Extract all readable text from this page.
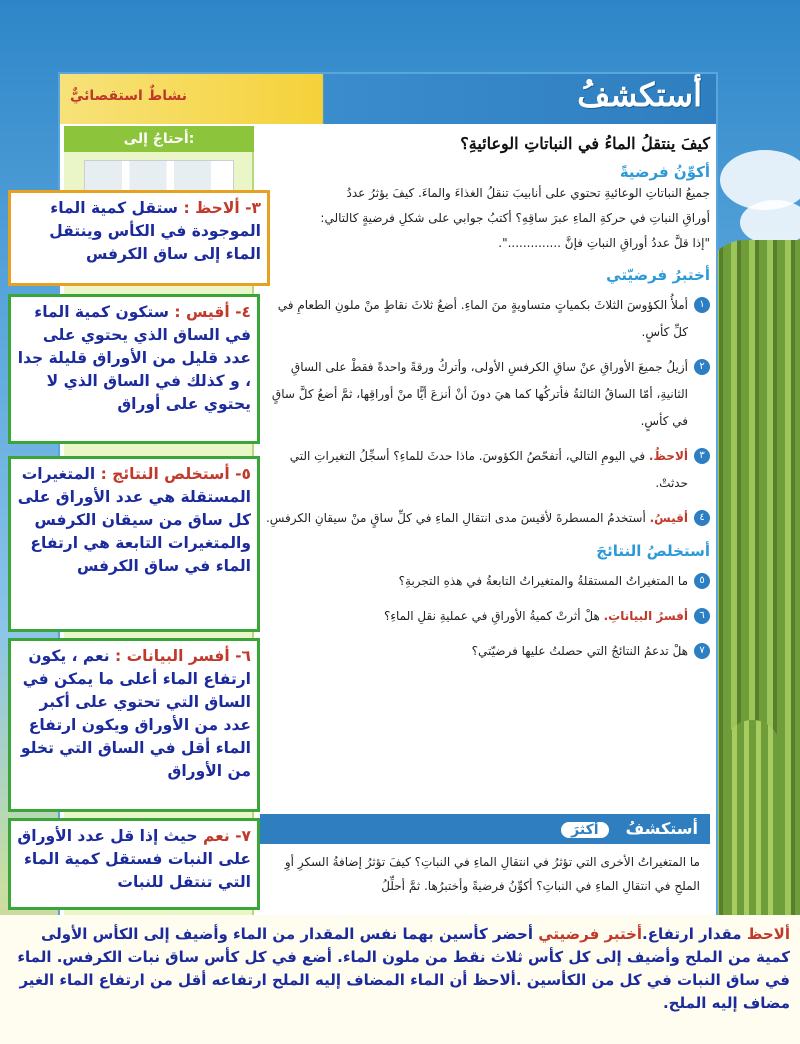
أستكشفُ
نشاطٌ استقصائيٌّ
أحتاجُ إلى:	كيفَ ينتقلُ الماءُ في النباتاتِ الوعائيةِ؟
أكوِّنُ فرضيةً
جميعُ النباتاتِ الوعائيةِ تحتوي على أنابيبَ تنقلُ الغذاءَ والماءَ. كيفَ يؤثرُ عددُ
أوراقِ النباتِ في حركةِ الماءِ عبرَ ساقِهِ؟ أكتبُ جوابي على شكلِ فرضيةٍ كالتالي:
"إذا قلَّ عددُ أوراقِ النباتِ فإنَّ ..............".
أختبرُ فرضيّتي
١
أملأُ الكؤوسَ الثلاثَ بكمياتٍ متساويةٍ منَ الماءِ. أضعُ ثلاثَ نقاطٍ منْ ملونِ الطعامِ في كلِّ كأسٍ.
٢
أزيلُ جميعَ الأوراقِ عنْ ساقِ الكرفسِ الأولى، وأتركُ ورقةً واحدةً فقطْ على الساقِ الثانيةِ، أمّا الساقُ الثالثةُ فأتركُها كما هيَ دونَ أنْ أنزعَ أيًّا منْ أوراقِها، ثمَّ أضعُ كلَّ ساقٍ في كأسٍ.
٣
ألاحظُ. في اليومِ التالي، أتفحّصُ الكؤوسَ. ماذا حدثَ للماءِ؟ أسجِّلُ التغيراتِ التي حدثتْ.
٤
أقيسُ. أستخدمُ المسطرةَ لأقيسَ مدى انتقالِ الماءِ في كلِّ ساقٍ منْ سيقانِ الكرفسِ.
أستخلصُ النتائجَ
٥
ما المتغيراتُ المستقلةُ والمتغيراتُ التابعةُ في هذهِ التجربةِ؟
٦
أفسرُ البياناتِ. هلْ أثرتْ كميةُ الأوراقِ في عمليةِ نقلِ الماءِ؟
٧
هلْ تدعمُ النتائجُ التي حصلتُ عليها فرضيّتي؟
أستكشفُ أكثرَ
ما المتغيراتُ الأخرى التي تؤثرُ في انتقالِ الماءِ في النباتِ؟ كيفَ تؤثرُ إضافةُ السكرِ أوِ الملحِ في انتقالِ الماءِ في النباتِ؟ أكوِّنُ فرضيةً وأختبرُها. ثمَّ أحلِّلُ
٣- ألاحظ : ستقل كمية الماء الموجودة في الكأس وينتقل الماء إلى ساق الكرفس
٤- أقيس : ستكون كمية الماء في الساق الذي يحتوي على عدد قليل من الأوراق قليلة جدا ، و كذلك في الساق الذي لا يحتوي على أوراق
٥- أستخلص النتائج : المتغيرات المستقلة هي عدد الأوراق على كل ساق من سيقان الكرفس والمتغيرات التابعة هي ارتفاع الماء في ساق الكرفس
٦- أفسر البيانات : نعم ، يكون ارتفاع الماء أعلى ما يمكن في الساق التي تحتوي على أكبر عدد من الأوراق ويكون ارتفاع الماء أقل في الساق التي تخلو من الأوراق
٧- نعم حيث إذا قل عدد الأوراق على النبات فستقل كمية الماء التي تنتقل للنبات
ألاحظ مقدار ارتفاع.أختبر فرضيتي أحضر كأسين بهما نفس المقدار من الماء وأضيف إلى الكأس الأولى كمية من الملح وأضيف إلى كل كأس ثلاث نقط من ملون الماء. أضع في كل كأس ساق نبات الكرفس. الماء في ساق النبات في كل من الكأسين .ألاحظ أن الماء المضاف إليه الملح ارتفاعه أقل من ارتفاع الماء الغير مضاف إليه الملح.
